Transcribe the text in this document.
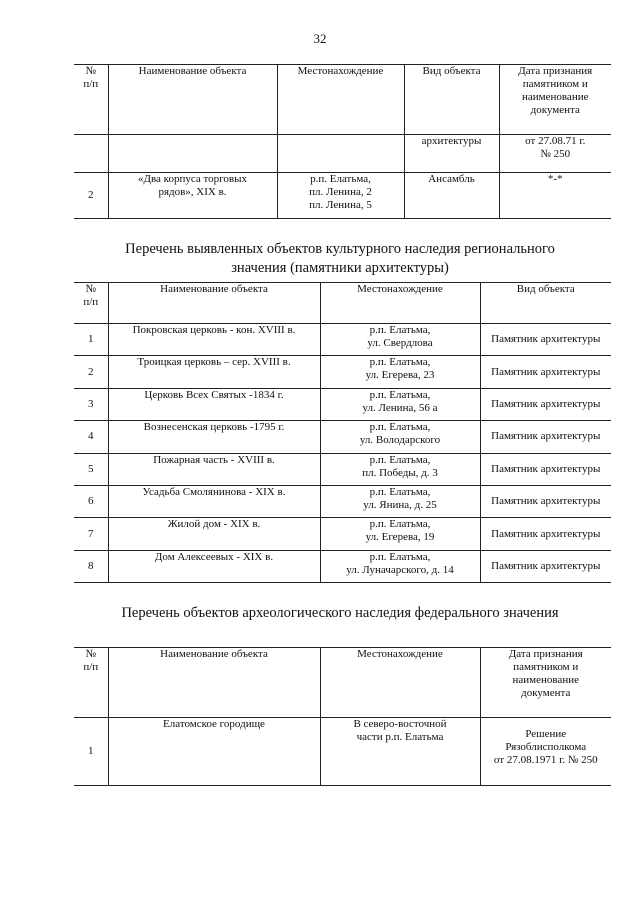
32
№
п/п	Наименование объекта	Местонахождение	Вид объекта	Дата признания
памятником и
наименование
документа

			архитектуры	от 27.08.71 г.
№ 250

2	«Два корпуса торговых
рядов», XIX в.	р.п. Елатьма,
пл. Ленина, 2
пл. Ленина, 5	Ансамбль	*-*
Перечень выявленных объектов культурного наследия регионального
значения (памятники архитектуры)
№
п/п	Наименование объекта	Местонахождение	Вид объекта

1	Покровская церковь - кон. XVIII в.	р.п. Елатьма,
ул. Свердлова	Памятник архитектуры

2	Троицкая церковь – сер. XVIII в.	р.п. Елатьма,
ул. Егерева, 23	Памятник архитектуры

3	Церковь Всех Святых -1834 г.	р.п. Елатьма,
ул. Ленина, 56 а	Памятник архитектуры

4	Вознесенская церковь -1795 г.	р.п. Елатьма,
ул. Володарского	Памятник архитектуры

5	Пожарная часть - XVIII в.	р.п. Елатьма,
пл. Победы, д. 3	Памятник архитектуры

6	Усадьба Смолянинова - XIX в.	р.п. Елатьма,
ул. Янина, д. 25	Памятник архитектуры

7	Жилой дом - XIX в.	р.п. Елатьма,
ул. Егерева, 19	Памятник архитектуры

8	Дом Алексеевых - XIX в.	р.п. Елатьма,
ул. Луначарского, д. 14	Памятник архитектуры
Перечень объектов археологического наследия федерального значения
№
п/п	Наименование объекта	Местонахождение	Дата признания
памятником и
наименование
документа

1	Елатомское городище	В северо-восточной
части р.п. Елатьма	Решение
Рязоблисполкома
от 27.08.1971 г. № 250
